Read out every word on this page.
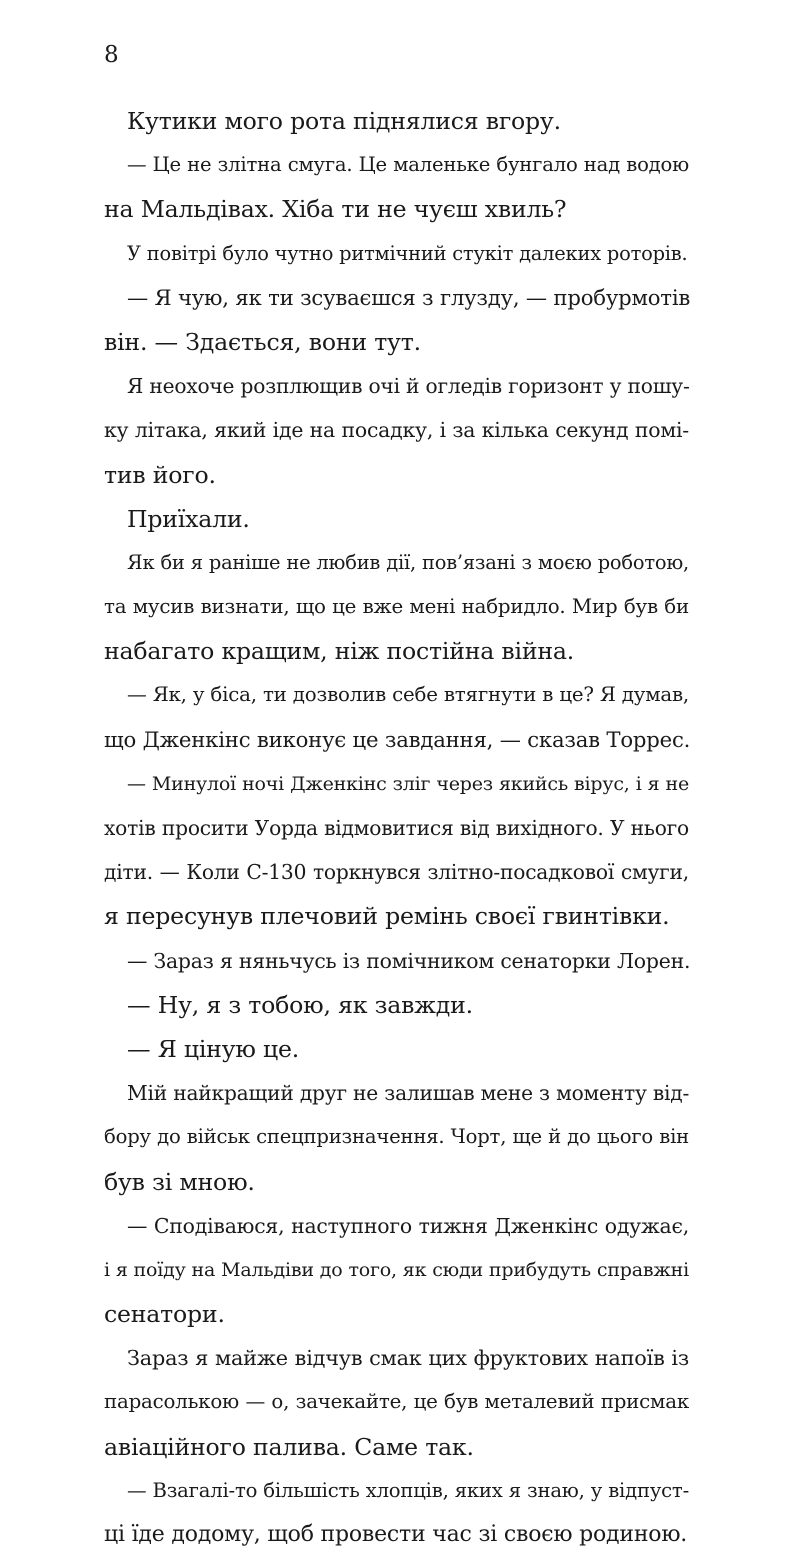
8
Кутики мого рота піднялися вгору.
— Це не злітна смуга. Це маленьке бунгало над водою
на Мальдівах. Хіба ти не чуєш хвиль?
У повітрі було чутно ритмічний стукіт далеких роторів.
— Я чую, як ти зсуваєшся з глузду, — пробурмотів
він. — Здається, вони тут.
Я неохоче розплющив очі й огледів горизонт у пошу-
ку літака, який іде на посадку, і за кілька секунд помі-
тив його.
Приїхали.
Як би я раніше не любив дії, пов’язані з моєю роботою,
та мусив визнати, що це вже мені набридло. Мир був би
набагато кращим, ніж постійна війна.
— Як, у біса, ти дозволив себе втягнути в це? Я думав,
що Дженкінс виконує це завдання, — сказав Торрес.
— Минулої ночі Дженкінс зліг через якийсь вірус, і я не
хотів просити Уорда відмовитися від вихідного. У нього
діти. — Коли C-130 торкнувся злітно-посадкової смуги,
я пересунув плечовий ремінь своєї гвинтівки.
— Зараз я няньчусь із помічником сенаторки Лорен.
— Ну, я з тобою, як завжди.
— Я ціную це.
Мій найкращий друг не залишав мене з моменту від-
бору до військ спецпризначення. Чорт, ще й до цього він
був зі мною.
— Сподіваюся, наступного тижня Дженкінс одужає,
і я поїду на Мальдіви до того, як сюди прибудуть справжні
сенатори.
Зараз я майже відчув смак цих фруктових напоїв із
парасолькою — о, зачекайте, це був металевий присмак
авіаційного палива. Саме так.
— Взагалі-то більшість хлопців, яких я знаю, у відпуст-
ці їде додому, щоб провести час зі своєю родиною.
